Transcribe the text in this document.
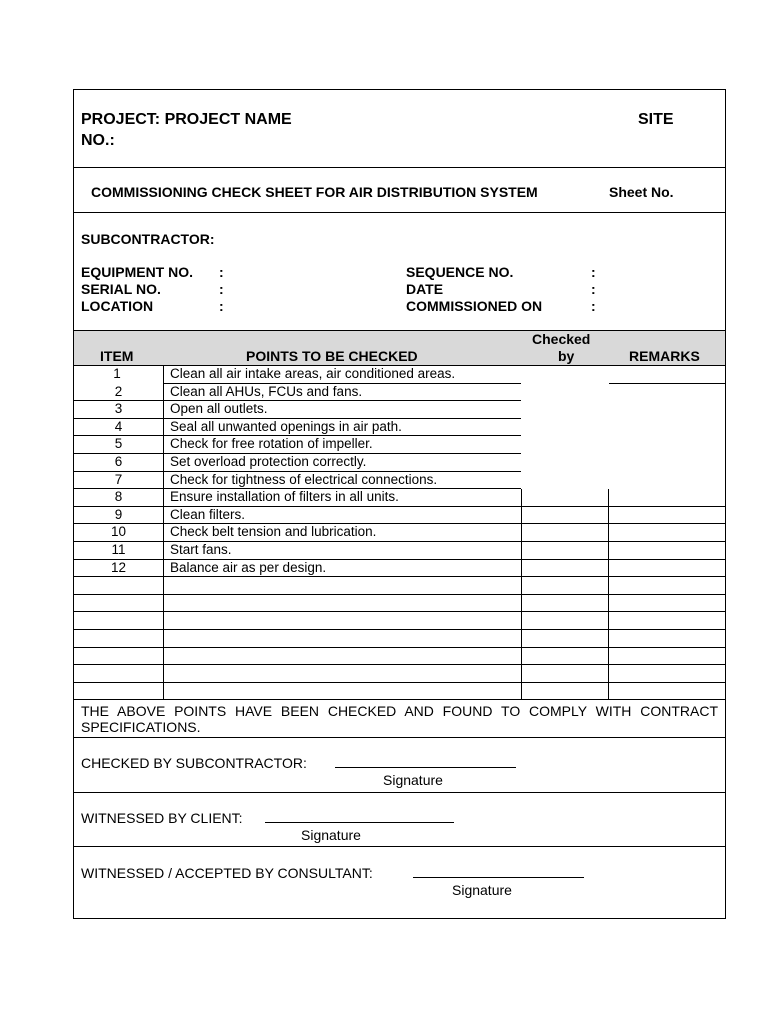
PROJECT: PROJECT NAME	SITE
NO.:
COMMISSIONING CHECK SHEET FOR AIR DISTRIBUTION SYSTEM	Sheet No.
SUBCONTRACTOR:
EQUIPMENT NO. :
SERIAL NO.	:
LOCATION	:
SEQUENCE NO.	:
DATE	:
COMMISSIONED ON	:
ITEM	POINTS TO BE CHECKED
Checked
by	REMARKS
1	Clean all air intake areas, air conditioned areas.
2	Clean all AHUs, FCUs and fans.
3	Open all outlets.
4	Seal all unwanted openings in air path.
5	Check for free rotation of impeller.
6	Set overload protection correctly.
7	Check for tightness of electrical connections.
8	Ensure installation of filters in all units.
9	Clean filters.
10	Check belt tension and lubrication.
11	Start fans.
12	Balance air as per design.
THE ABOVE POINTS HAVE BEEN CHECKED AND FOUND TO COMPLY WITH CONTRACT SPECIFICATIONS.
CHECKED BY SUBCONTRACTOR:
Signature
WITNESSED BY CLIENT:
Signature
WITNESSED / ACCEPTED BY CONSULTANT:
Signature
